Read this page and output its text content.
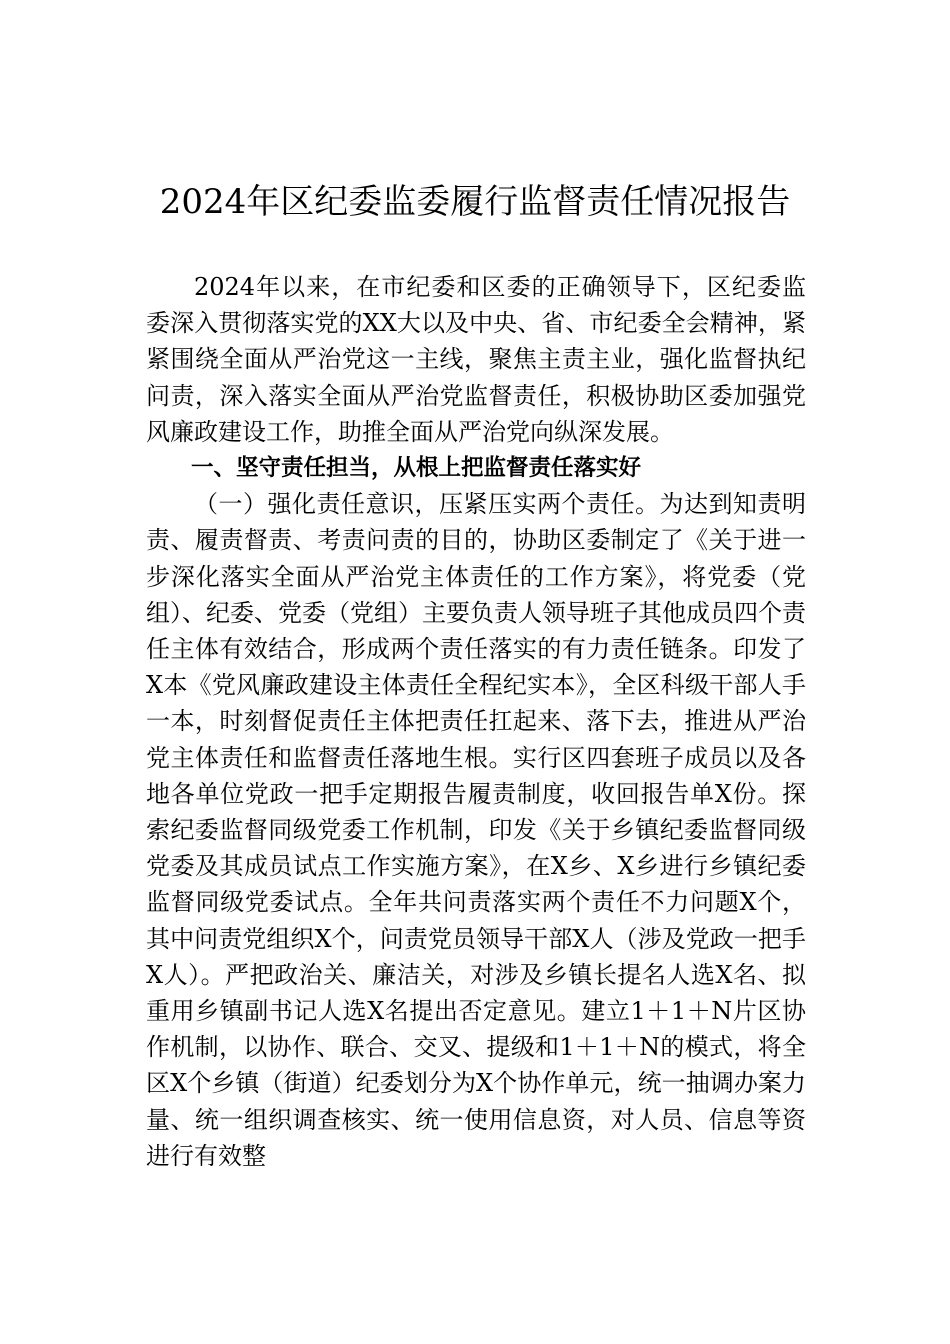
2024年区纪委监委履行监督责任情况报告

2024年以来，在市纪委和区委的正确领导下，区纪委监委深入贯彻落实党的XX大以及中央、省、市纪委全会精神，紧紧围绕全面从严治党这一主线，聚焦主责主业，强化监督执纪问责，深入落实全面从严治党监督责任，积极协助区委加强党风廉政建设工作，助推全面从严治党向纵深发展。

一、坚守责任担当，从根上把监督责任落实好

（一）强化责任意识，压紧压实两个责任。为达到知责明责、履责督责、考责问责的目的，协助区委制定了《关于进一步深化落实全面从严治党主体责任的工作方案》，将党委（党组）、纪委、党委（党组）主要负责人领导班子其他成员四个责任主体有效结合，形成两个责任落实的有力责任链条。印发了X本《党风廉政建设主体责任全程纪实本》，全区科级干部人手一本，时刻督促责任主体把责任扛起来、落下去，推进从严治党主体责任和监督责任落地生根。实行区四套班子成员以及各地各单位党政一把手定期报告履责制度，收回报告单X份。探索纪委监督同级党委工作机制，印发《关于乡镇纪委监督同级党委及其成员试点工作实施方案》，在X乡、X乡进行乡镇纪委监督同级党委试点。全年共问责落实两个责任不力问题X个，其中问责党组织X个，问责党员领导干部X人（涉及党政一把手X人）。严把政治关、廉洁关，对涉及乡镇长提名人选X名、拟重用乡镇副书记人选X名提出否定意见。建立1＋1＋N片区协作机制，以协作、联合、交叉、提级和1＋1＋N的模式，将全区X个乡镇（街道）纪委划分为X个协作单元，统一抽调办案力量、统一组织调查核实、统一使用信息资，对人员、信息等资进行有效整
